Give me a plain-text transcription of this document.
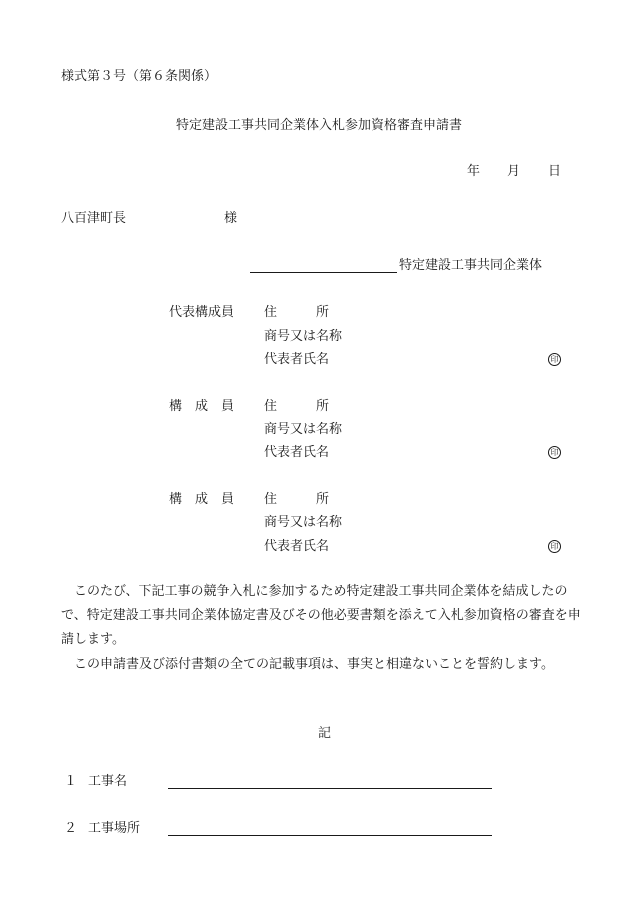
様式第３号（第６条関係）
特定建設工事共同企業体入札参加資格審査申請書
年 月 日
八百津町長	様
特定建設工事共同企業体
代表構成員 住　　　所
商号又は名称
代表者氏名	印
構　成　員 住　　　所
商号又は名称
代表者氏名	印
構　成　員 住　　　所
商号又は名称
代表者氏名	印
このたび、下記工事の競争入札に参加するため特定建設工事共同企業体を結成したので、特定建設工事共同企業体協定書及びその他必要書類を添えて入札参加資格の審査を申請します。
この申請書及び添付書類の全ての記載事項は、事実と相違ないことを誓約します。
記
１ 工事名
２ 工事場所
